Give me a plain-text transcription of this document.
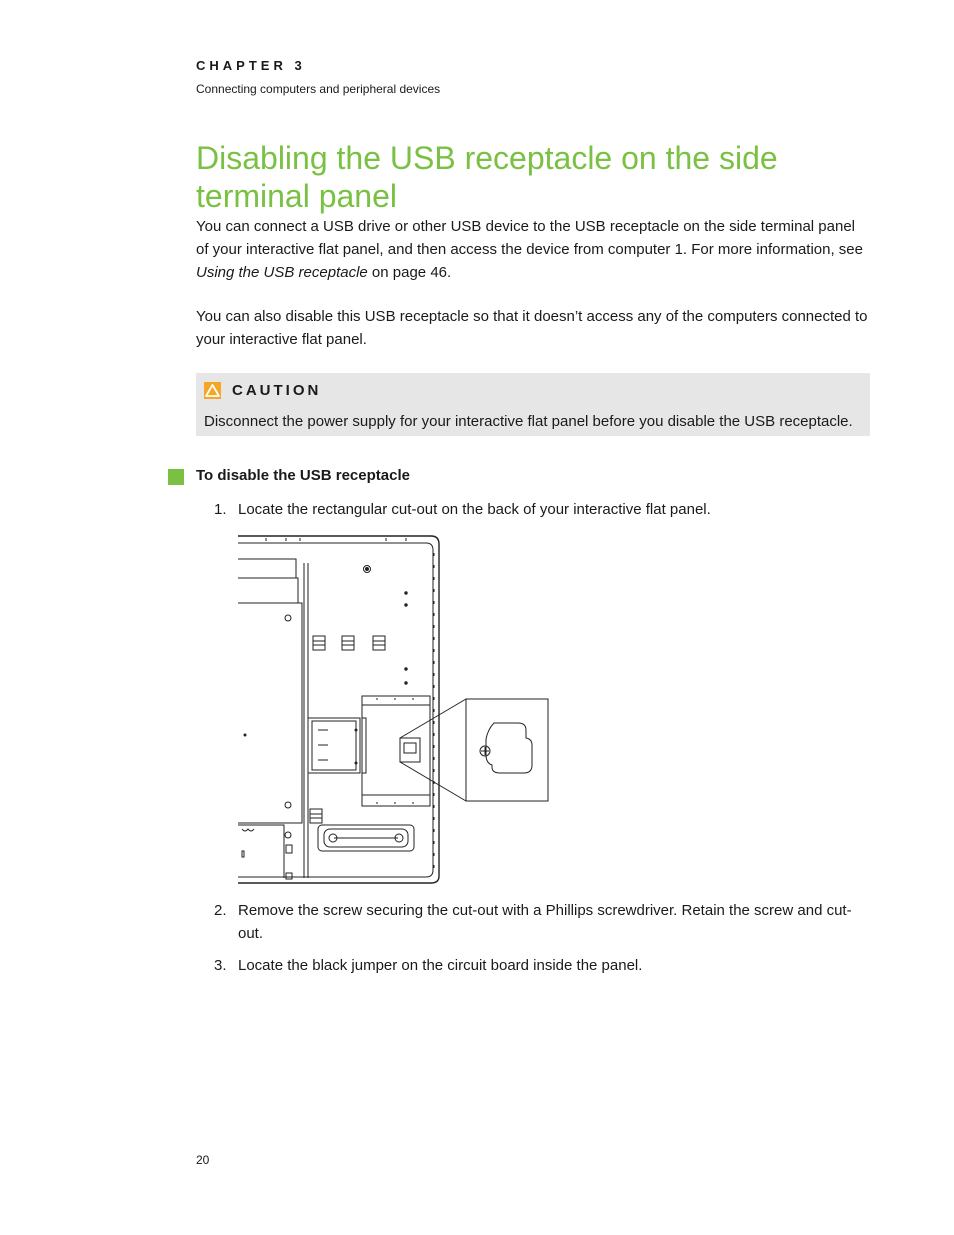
CHAPTER 3
Connecting computers and peripheral devices
Disabling the USB receptacle on the side terminal panel

You can connect a USB drive or other USB device to the USB receptacle on the side terminal panel of your interactive flat panel, and then access the device from computer 1. For more information, see Using the USB receptacle on page 46.

You can also disable this USB receptacle so that it doesn’t access any of the computers connected to your interactive flat panel.

CAUTION
Disconnect the power supply for your interactive flat panel before you disable the USB receptacle.
To disable the USB receptacle
1. Locate the rectangular cut-out on the back of your interactive flat panel.
2. Remove the screw securing the cut-out with a Phillips screwdriver. Retain the screw and cut-out.
3. Locate the black jumper on the circuit board inside the panel.
20
